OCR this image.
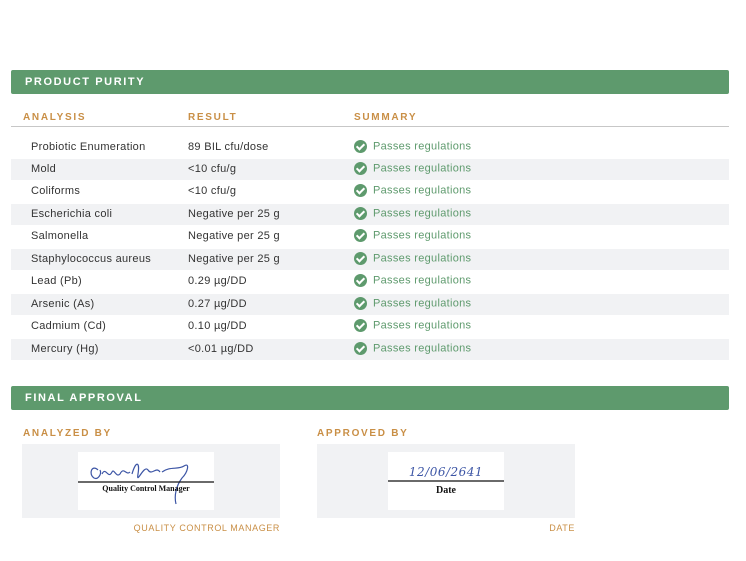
PRODUCT PURITY
ANALYSIS	RESULT	SUMMARY
Probiotic Enumeration	89 BIL cfu/dose	Passes regulations
Mold	<10 cfu/g	Passes regulations
Coliforms	<10 cfu/g	Passes regulations
Escherichia coli	Negative per 25 g	Passes regulations
Salmonella	Negative per 25 g	Passes regulations
Staphylococcus aureus	Negative per 25 g	Passes regulations
Lead (Pb)	0.29 µg/DD	Passes regulations
Arsenic (As)	0.27 µg/DD	Passes regulations
Cadmium (Cd)	0.10 µg/DD	Passes regulations
Mercury (Hg)	<0.01 µg/DD	Passes regulations
FINAL APPROVAL
ANALYZED BY
Quality Control Manager
QUALITY CONTROL MANAGER
APPROVED BY
12/06/2641
Date
DATE
